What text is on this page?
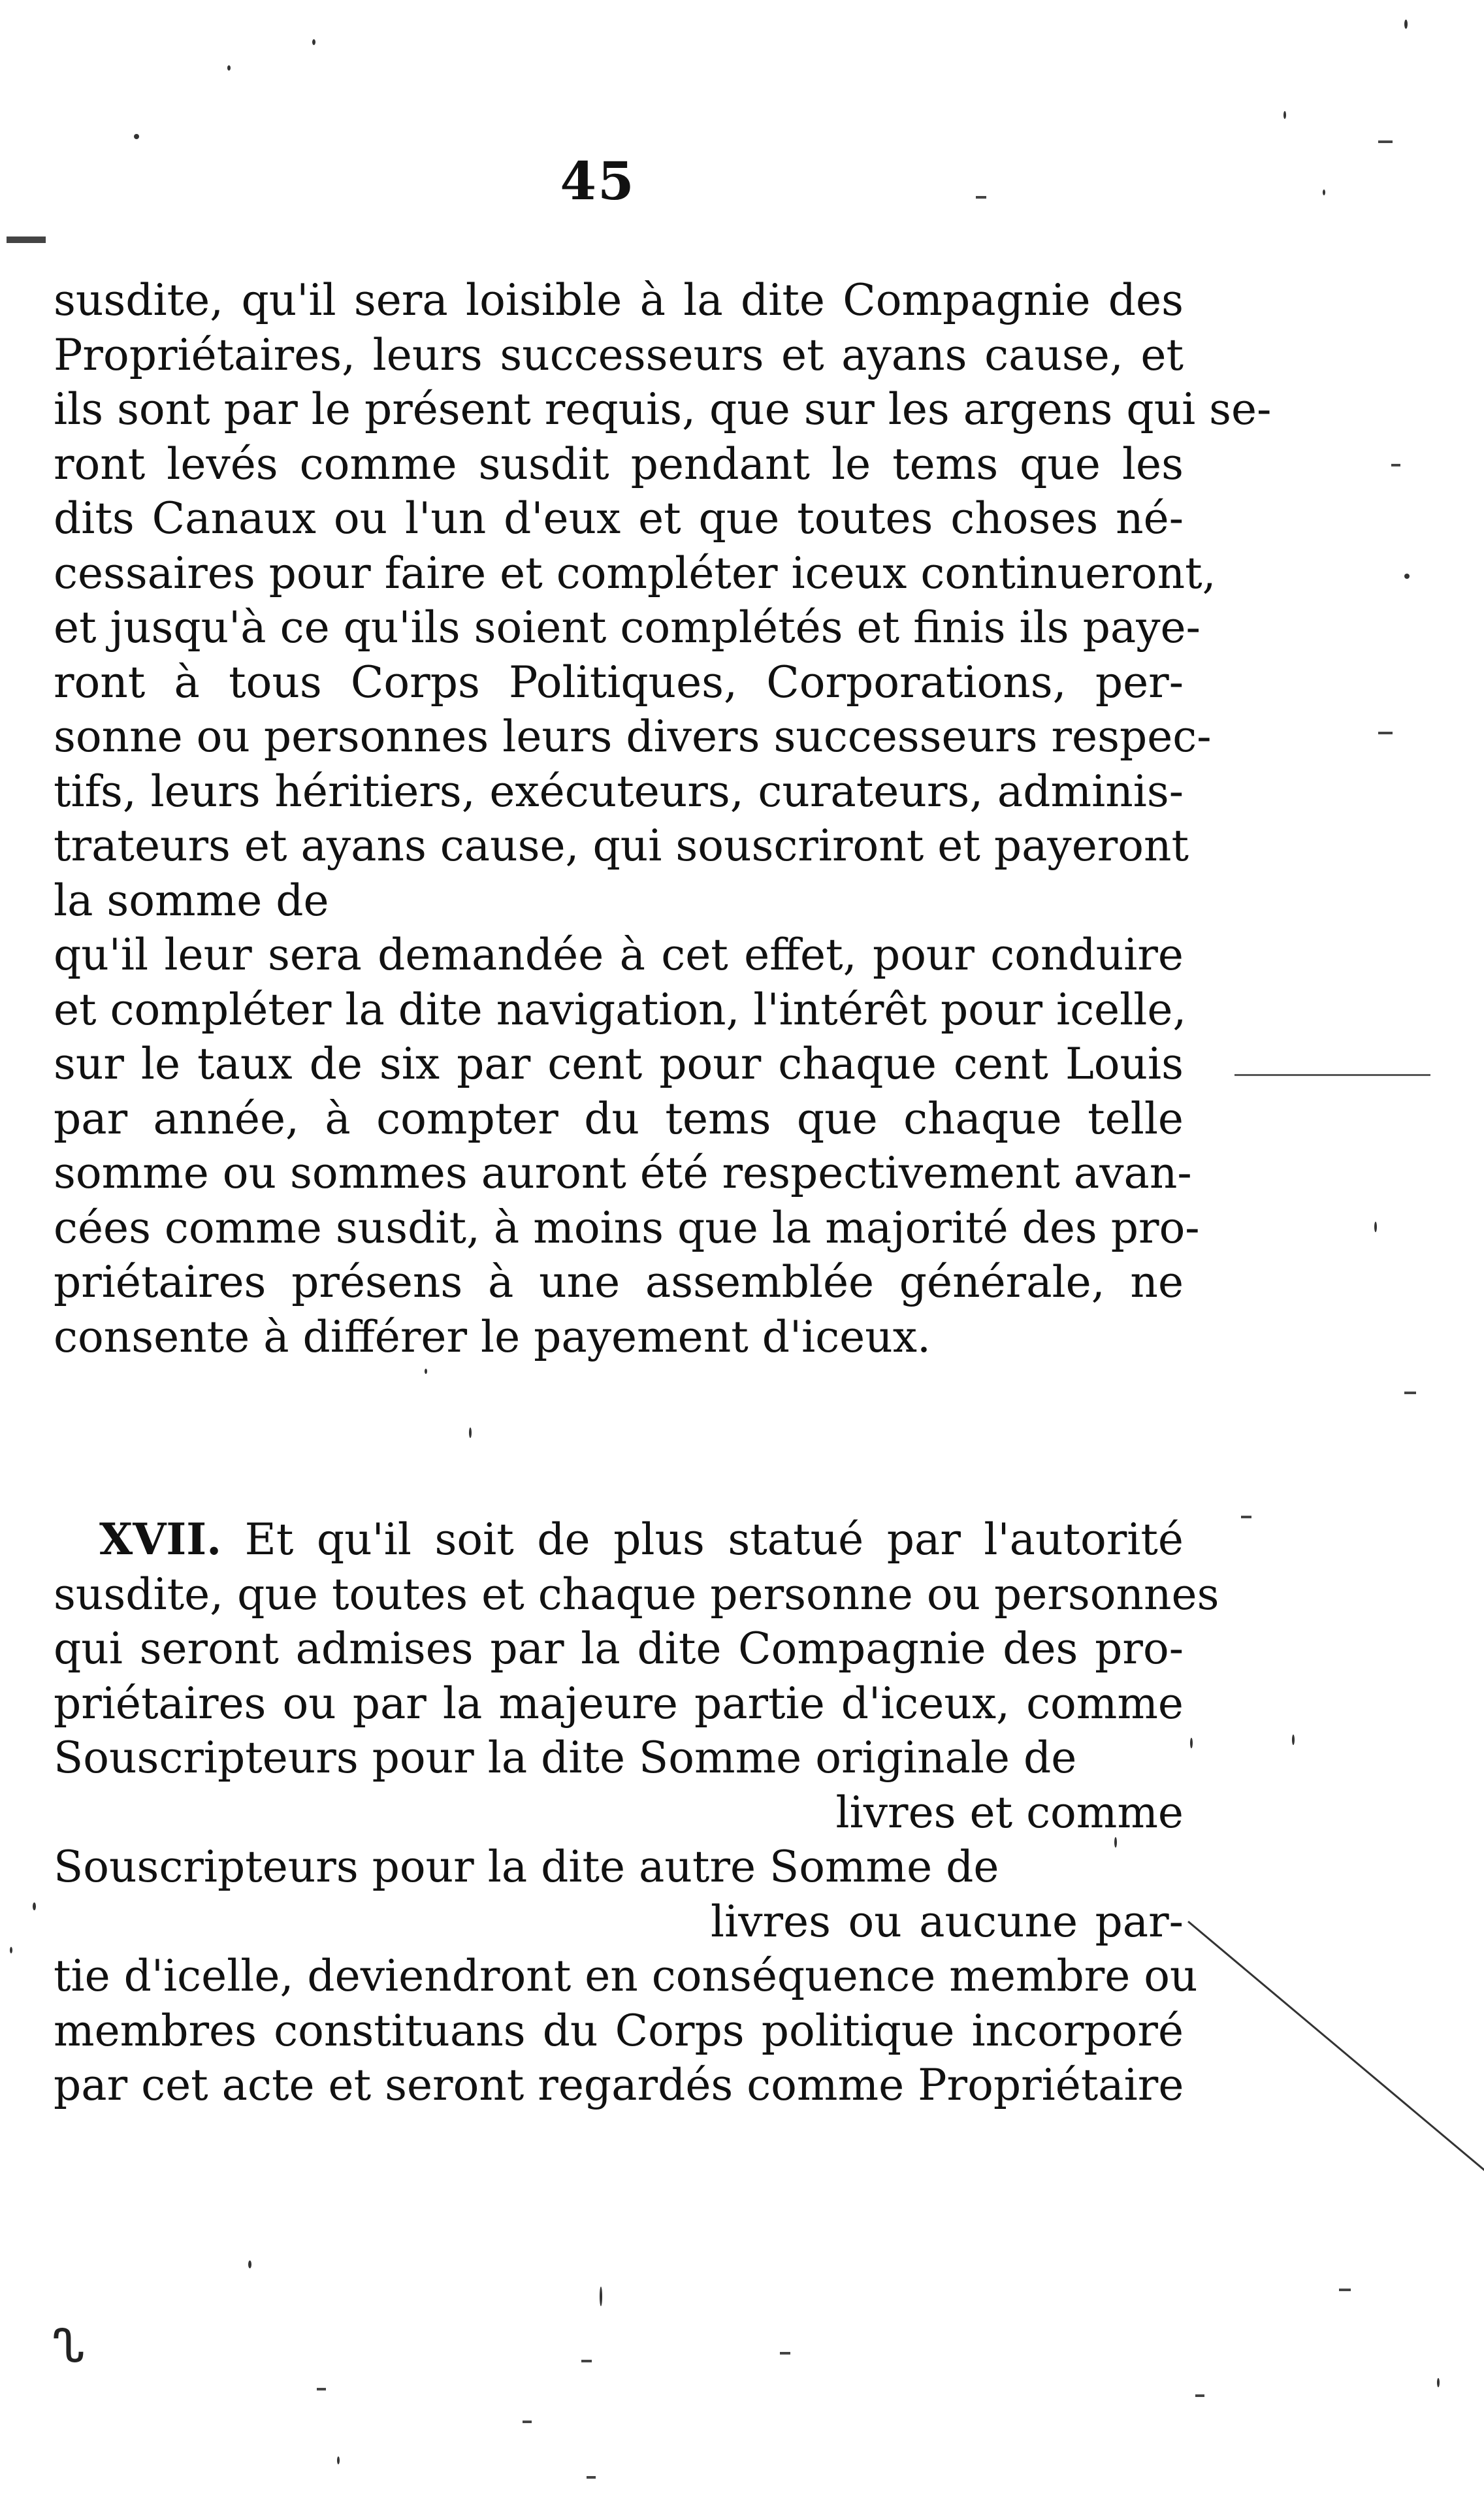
45
susdite, qu'il sera loisible à la dite Compagnie des
Propriétaires, leurs successeurs et ayans cause, et
ils sont par le présent requis, que sur les argens qui se-
ront levés comme susdit pendant le tems que les
dits Canaux ou l'un d'eux et que toutes choses né-
cessaires pour faire et compléter iceux continueront,
et jusqu'à ce qu'ils soient complétés et finis ils paye-
ront à tous Corps Politiques, Corporations, per-
sonne ou personnes leurs divers successeurs respec-
tifs, leurs héritiers, exécuteurs, curateurs, adminis-
trateurs et ayans cause, qui souscriront et payeront
la somme de
qu'il leur sera demandée à cet effet, pour conduire
et compléter la dite navigation, l'intérêt pour icelle,
sur le taux de six par cent pour chaque cent Louis
par année, à compter du tems que chaque telle
somme ou sommes auront été respectivement avan-
cées comme susdit, à moins que la majorité des pro-
priétaires présens à une assemblée générale, ne
consente à différer le payement d'iceux.
XVII. Et qu'il soit de plus statué par l'autorité
susdite, que toutes et chaque personne ou personnes
qui seront admises par la dite Compagnie des pro-
priétaires ou par la majeure partie d'iceux, comme
Souscripteurs pour la dite Somme originale de
livres et comme
Souscripteurs pour la dite autre Somme de
livres ou aucune par-
tie d'icelle, deviendront en conséquence membre ou
membres constituans du Corps politique incorporé
par cet acte et seront regardés comme Propriétaire
ᔐ
